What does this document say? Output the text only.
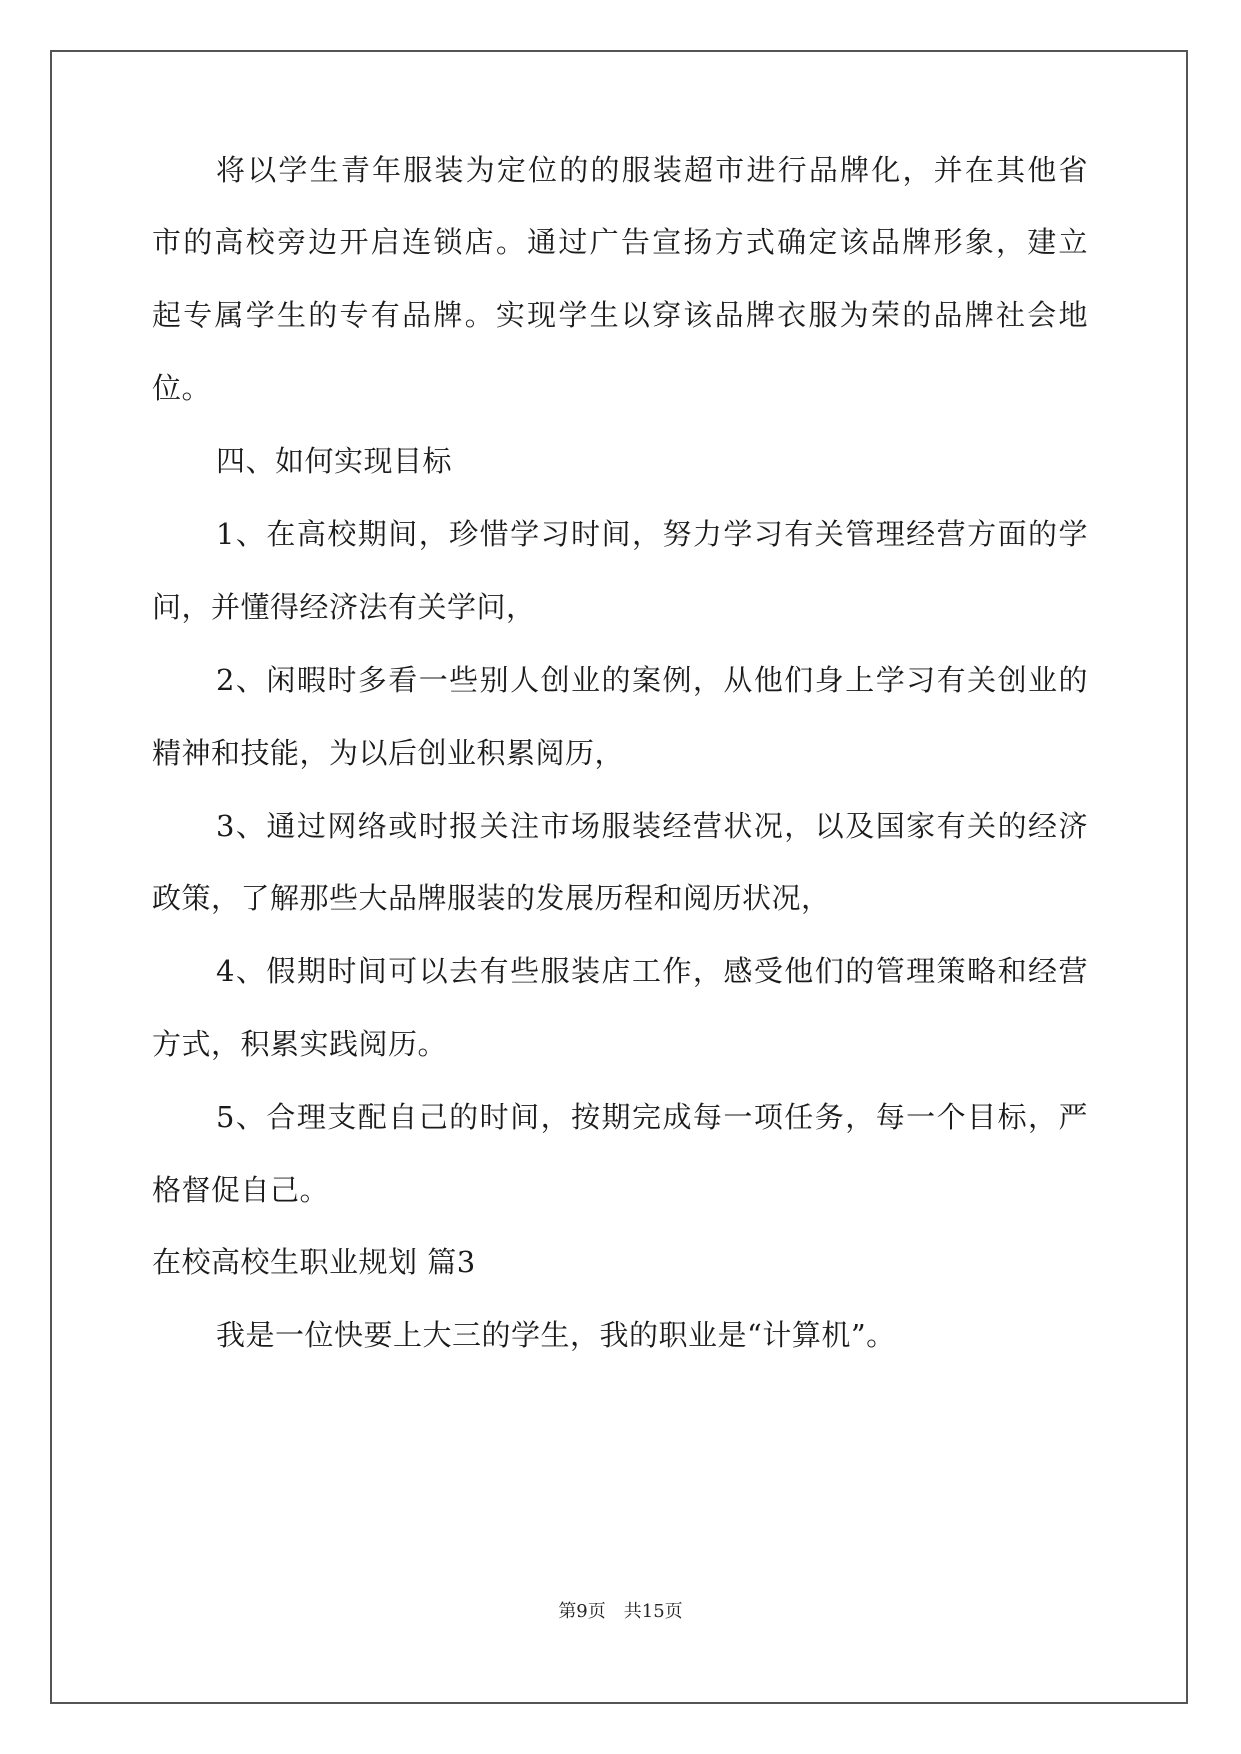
将以学生青年服装为定位的的服装超市进行品牌化，并在其他省
市的高校旁边开启连锁店。通过广告宣扬方式确定该品牌形象，建立
起专属学生的专有品牌。实现学生以穿该品牌衣服为荣的品牌社会地
位。
四、如何实现目标
1、在高校期间，珍惜学习时间，努力学习有关管理经营方面的学
问，并懂得经济法有关学问，
2、闲暇时多看一些别人创业的案例，从他们身上学习有关创业的
精神和技能，为以后创业积累阅历，
3、通过网络或时报关注市场服装经营状况，以及国家有关的经济
政策，了解那些大品牌服装的发展历程和阅历状况，
4、假期时间可以去有些服装店工作，感受他们的管理策略和经营
方式，积累实践阅历。
5、合理支配自己的时间，按期完成每一项任务，每一个目标，严
格督促自己。
在校高校生职业规划 篇3
我是一位快要上大三的学生，我的职业是“计算机”。
第9页　共15页
